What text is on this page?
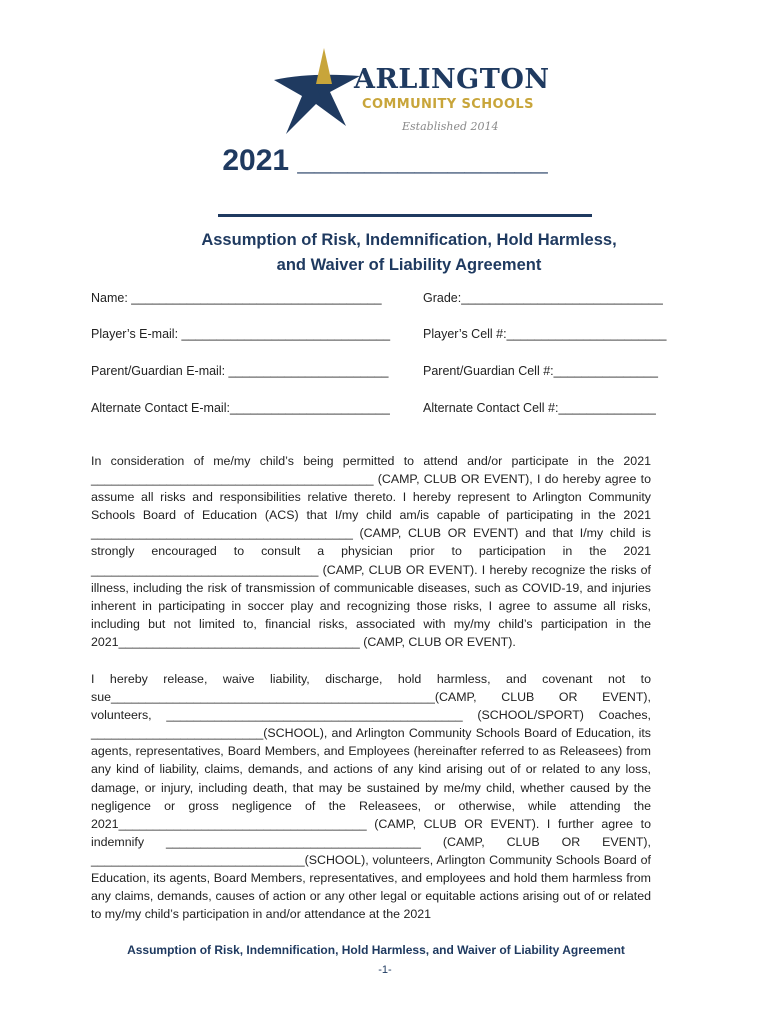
ARLINGTON
COMMUNITY SCHOOLS
Established 2014
2021 _______________
Assumption of Risk, Indemnification, Hold Harmless,
and Waiver of Liability Agreement
Name: ____________________________________	Grade:_____________________________
Player’s E-mail: ______________________________	Player’s Cell #:_______________________
Parent/Guardian E-mail: _______________________	Parent/Guardian Cell #:_______________
Alternate Contact E-mail:_______________________	Alternate Contact Cell #:______________

In consideration of me/my child’s being permitted to attend and/or participate in the 2021 _________________________________________ (CAMP, CLUB OR EVENT), I do hereby agree to assume all risks and responsibilities relative thereto. I hereby represent to Arlington Community Schools Board of Education (ACS) that I/my child am/is capable of participating in the 2021 ______________________________________ (CAMP, CLUB OR EVENT) and that I/my child is strongly encouraged to consult a physician prior to participation in the 2021 _________________________________ (CAMP, CLUB OR EVENT). I hereby recognize the risks of illness, including the risk of transmission of communicable diseases, such as COVID-19, and injuries inherent in participating in soccer play and recognizing those risks, I agree to assume all risks, including but not limited to, financial risks, associated with my/my child’s participation in the 2021___________________________________ (CAMP, CLUB OR EVENT).

I hereby release, waive liability, discharge, hold harmless, and covenant not to sue_______________________________________________(CAMP, CLUB OR EVENT), volunteers, ___________________________________________ (SCHOOL/SPORT) Coaches, _________________________(SCHOOL), and Arlington Community Schools Board of Education, its agents, representatives, Board Members, and Employees (hereinafter referred to as Releasees) from any kind of liability, claims, demands, and actions of any kind arising out of or related to any loss, damage, or injury, including death, that may be sustained by me/my child, whether caused by the negligence or gross negligence of the Releasees, or otherwise, while attending the 2021____________________________________ (CAMP, CLUB OR EVENT). I further agree to indemnify _____________________________________ (CAMP, CLUB OR EVENT), _______________________________(SCHOOL), volunteers, Arlington Community Schools Board of Education, its agents, Board Members, representatives, and employees and hold them harmless from any claims, demands, causes of action or any other legal or equitable actions arising out of or related to my/my child’s participation in and/or attendance at the 2021

Assumption of Risk, Indemnification, Hold Harmless, and Waiver of Liability Agreement
-1-
